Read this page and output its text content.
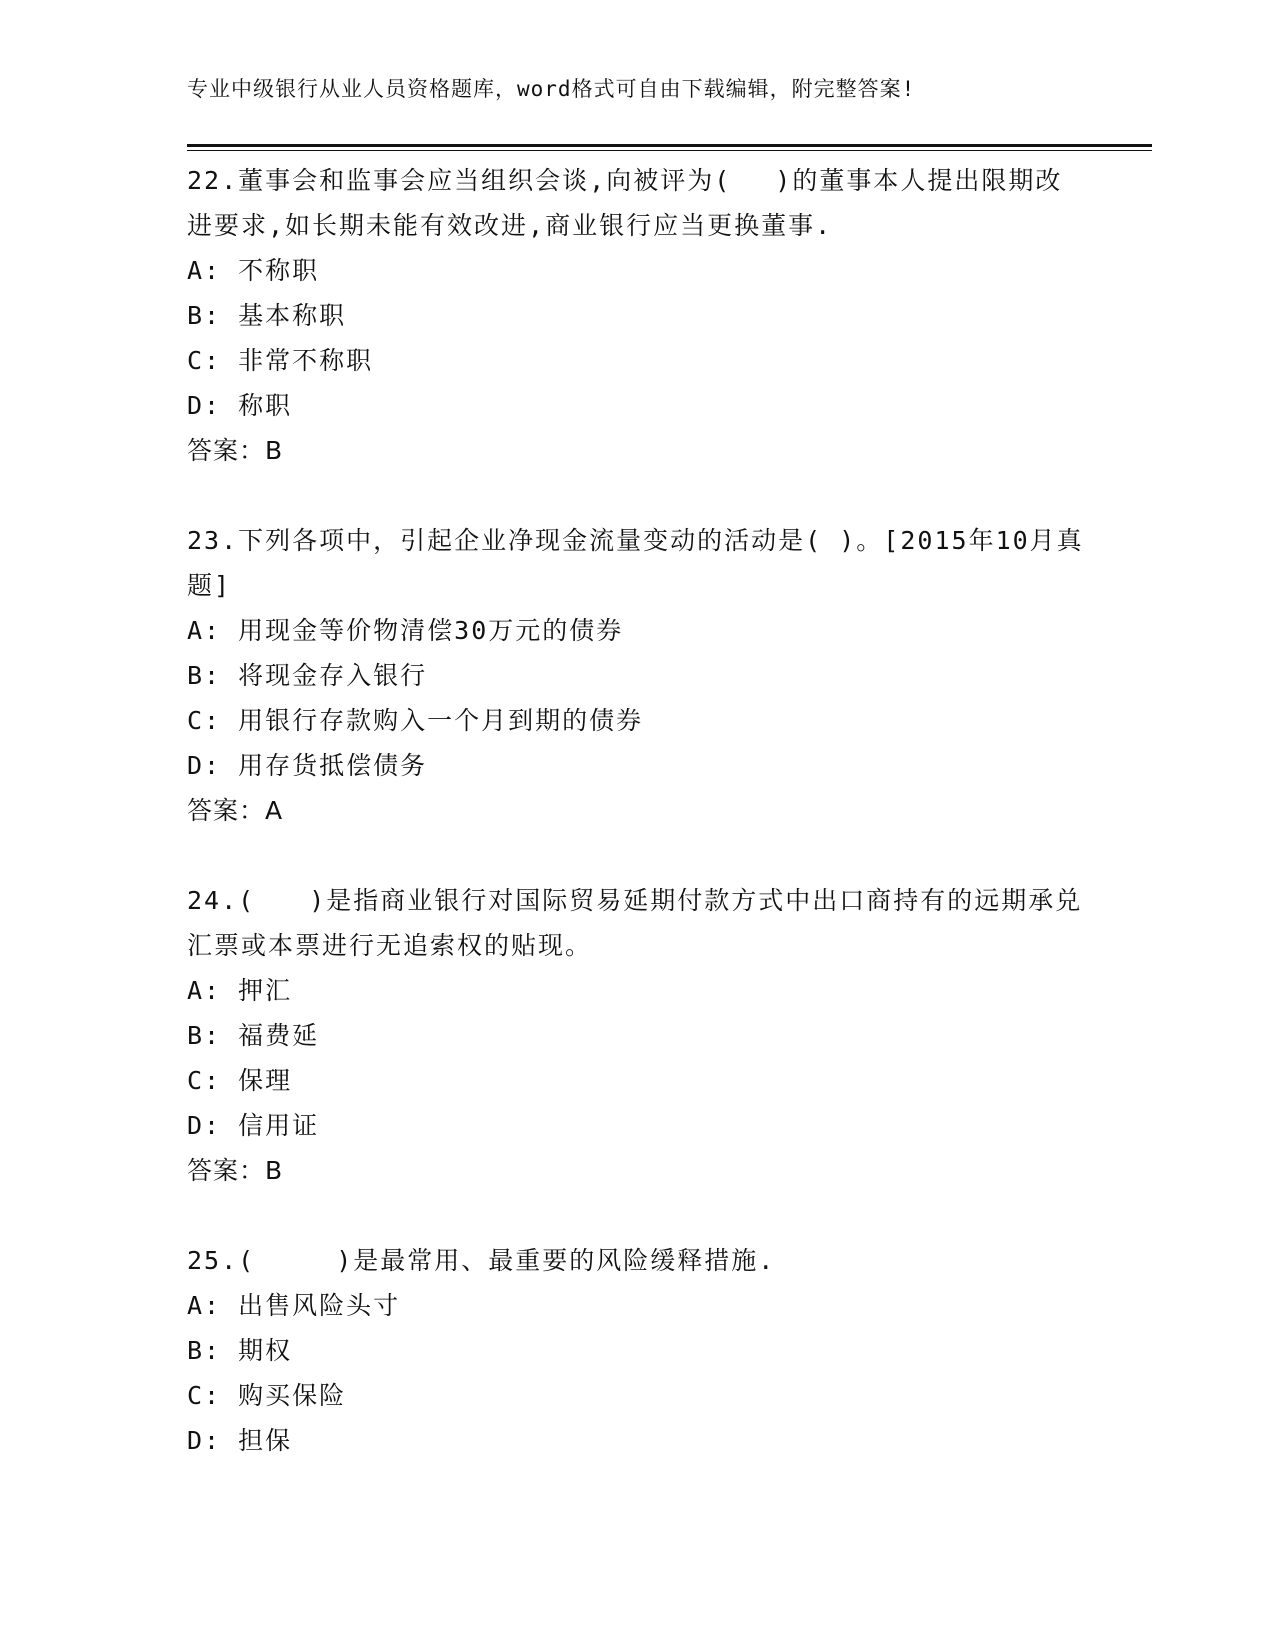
专业中级银行从业人员资格题库，word格式可自由下载编辑，附完整答案!

22.董事会和监事会应当组织会谈,向被评为(　 )的董事本人提出限期改进要求,如长期未能有效改进,商业银行应当更换董事.

A: 不称职

B: 基本称职

C: 非常不称职

D: 称职

答案：B

23.下列各项中，引起企业净现金流量变动的活动是( )。[2015年10月真题]

A: 用现金等价物清偿30万元的债券

B: 将现金存入银行

C: 用银行存款购入一个月到期的债券

D: 用存货抵偿债务

答案：A

24.(　　)是指商业银行对国际贸易延期付款方式中出口商持有的远期承兑汇票或本票进行无追索权的贴现。

A: 押汇

B: 福费延

C: 保理

D: 信用证

答案：B

25.(　　　)是最常用、最重要的风险缓释措施.

A: 出售风险头寸

B: 期权

C: 购买保险

D: 担保
